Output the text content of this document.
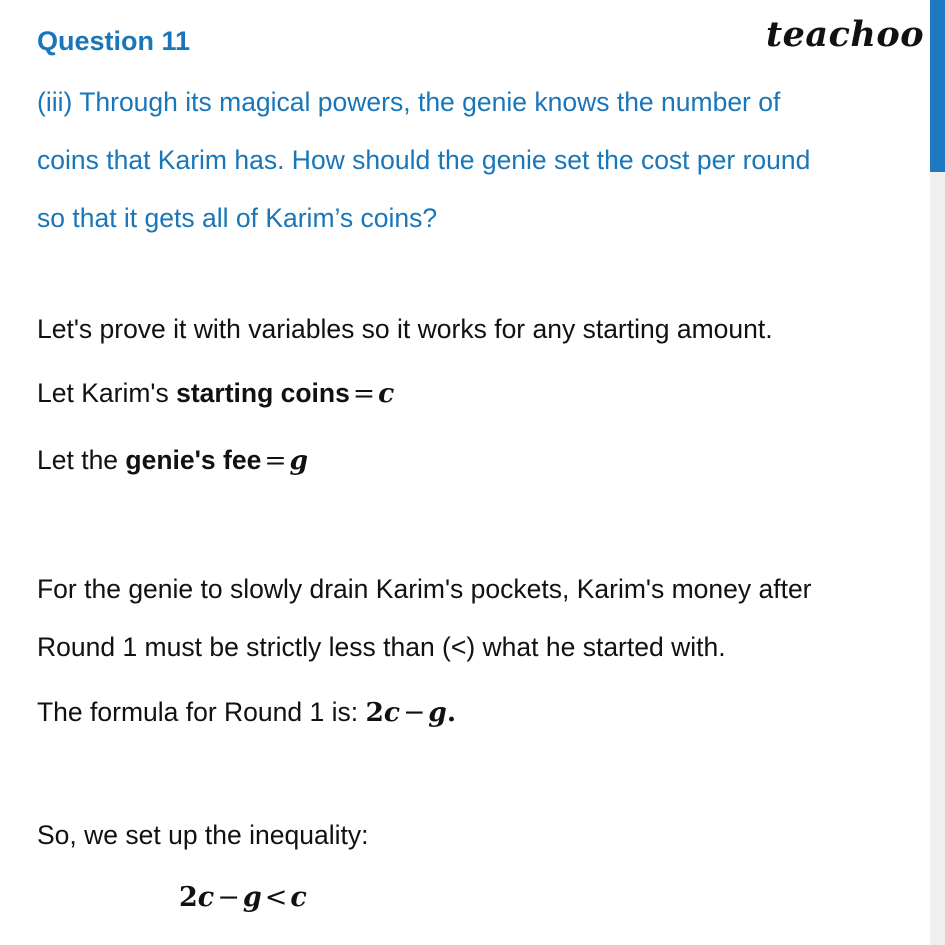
Question 11	teachoo
(iii) Through its magical powers, the genie knows the number of
coins that Karim has. How should the genie set the cost per round
so that it gets all of Karim’s coins?
Let's prove it with variables so it works for any starting amount.
Let Karim's starting coins = c
Let the genie's fee = g
For the genie to slowly drain Karim's pockets, Karim's money after
Round 1 must be strictly less than (<) what he started with.
The formula for Round 1 is: 2c − g.
So, we set up the inequality:
2c − g < c
